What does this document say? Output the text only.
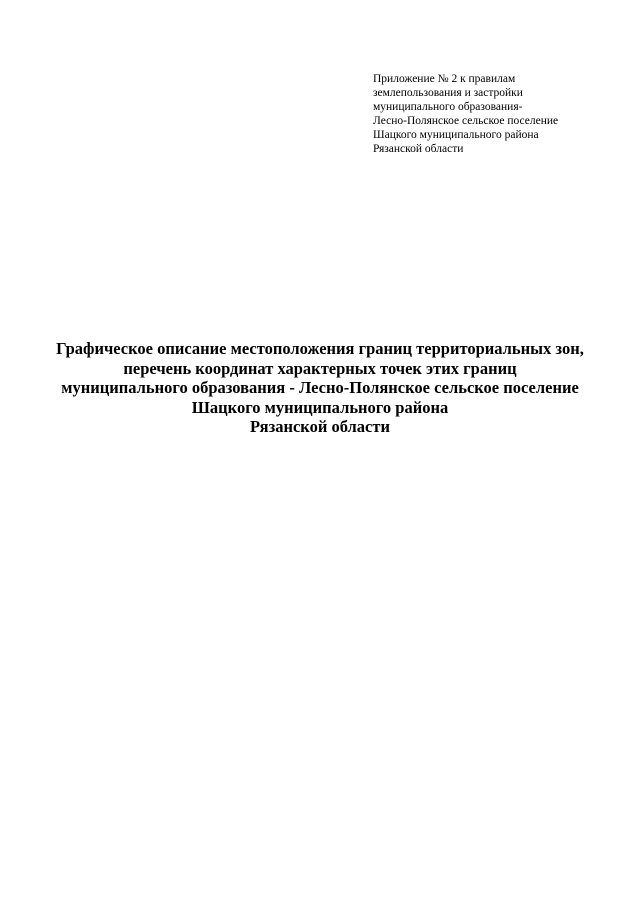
Приложение № 2 к правилам
землепользования и застройки
муниципального образования-
Лесно-Полянское сельское поселение
Шацкого муниципального района
Рязанской области
Графическое описание местоположения границ территориальных зон,
перечень координат характерных точек этих границ
муниципального образования - Лесно-Полянское сельское поселение
Шацкого муниципального района
Рязанской области
